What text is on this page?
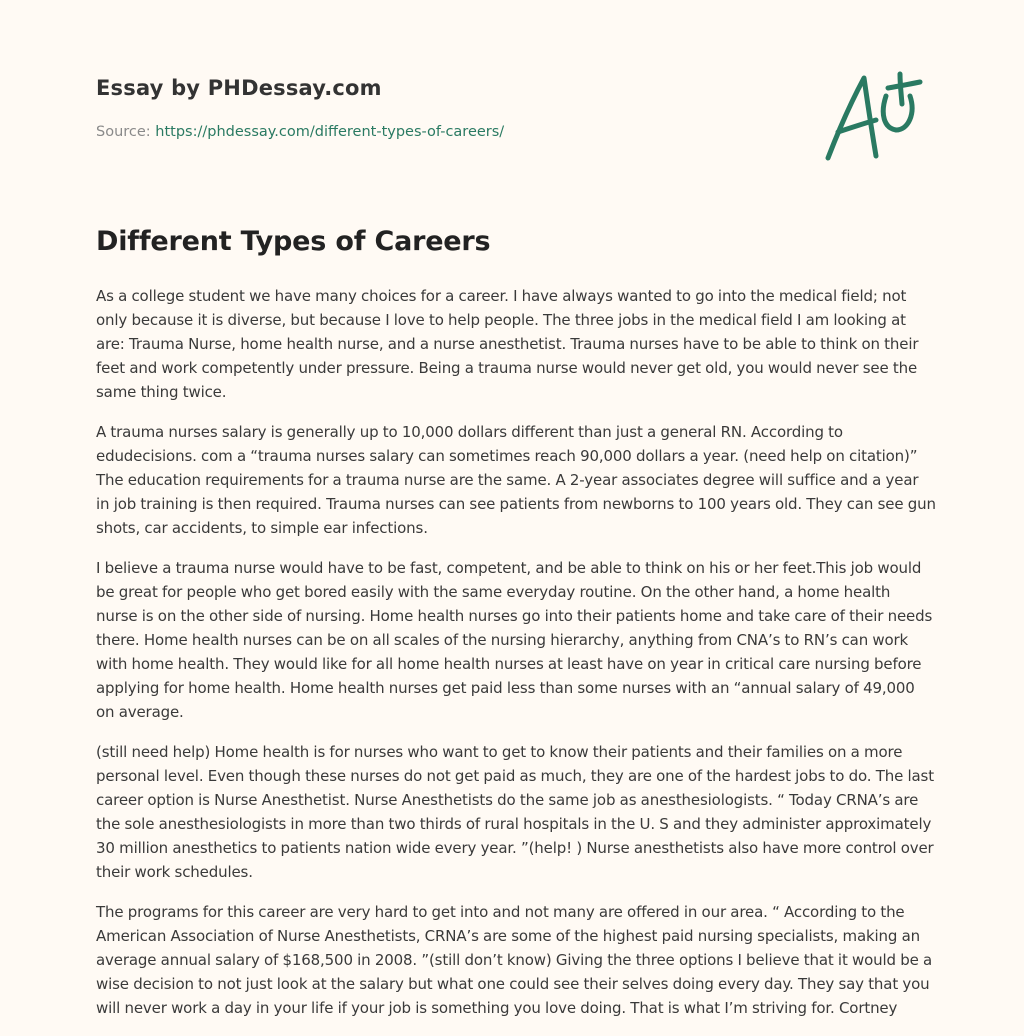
Essay by PHDessay.com
Source: https://phdessay.com/different-types-of-careers/
Different Types of Careers

As a college student we have many choices for a career. I have always wanted to go into the medical field; not only because it is diverse, but because I love to help people. The three jobs in the medical field I am looking at are: Trauma Nurse, home health nurse, and a nurse anesthetist. Trauma nurses have to be able to think on their feet and work competently under pressure. Being a trauma nurse would never get old, you would never see the same thing twice.

A trauma nurses salary is generally up to 10,000 dollars different than just a general RN. According to edudecisions. com a “trauma nurses salary can sometimes reach 90,000 dollars a year. (need help on citation)” The education requirements for a trauma nurse are the same. A 2-year associates degree will suffice and a year in job training is then required. Trauma nurses can see patients from newborns to 100 years old. They can see gun shots, car accidents, to simple ear infections.

I believe a trauma nurse would have to be fast, competent, and be able to think on his or her feet.This job would be great for people who get bored easily with the same everyday routine. On the other hand, a home health nurse is on the other side of nursing. Home health nurses go into their patients home and take care of their needs there. Home health nurses can be on all scales of the nursing hierarchy, anything from CNA’s to RN’s can work with home health. They would like for all home health nurses at least have on year in critical care nursing before applying for home health. Home health nurses get paid less than some nurses with an “annual salary of 49,000 on average.

(still need help) Home health is for nurses who want to get to know their patients and their families on a more personal level. Even though these nurses do not get paid as much, they are one of the hardest jobs to do. The last career option is Nurse Anesthetist. Nurse Anesthetists do the same job as anesthesiologists. “ Today CRNA’s are the sole anesthesiologists in more than two thirds of rural hospitals in the U. S and they administer approximately 30 million anesthetics to patients nation wide every year. ”(help! ) Nurse anesthetists also have more control over their work schedules.

The programs for this career are very hard to get into and not many are offered in our area. “ According to the American Association of Nurse Anesthetists, CRNA’s are some of the highest paid nursing specialists, making an average annual salary of $168,500 in 2008. ”(still don’t know) Giving the three options I believe that it would be a wise decision to not just look at the salary but what one could see their selves doing every day. They say that you will never work a day in your life if your job is something you love doing. That is what I’m striving for. Cortney
